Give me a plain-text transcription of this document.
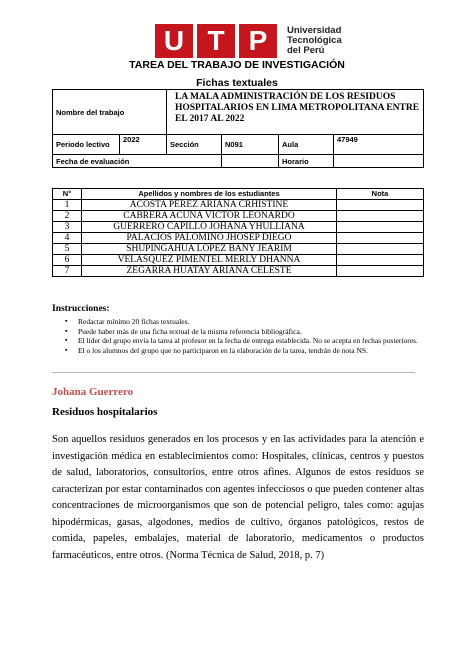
U T P	Universidad
Tecnológica
del Perú
TAREA DEL TRABAJO DE INVESTIGACIÓN
Fichas textuales
Nombre del trabajo		LA MALA ADMINISTRACIÓN DE LOS RESIDUOS HOSPITALARIOS EN LIMA METROPOLITANA ENTRE EL 2017 AL 2022			
Periodo lectivo	2022	Sección	N091	Aula	47949
Fecha de evaluación				Horario	
N°	Apellidos y nombres de los estudiantes	Nota
1	ACOSTA PEREZ ARIANA CRHISTINE	
2	CABRERA ACUÑA VICTOR LEONARDO	
3	GUERRERO CAPILLO JOHANA YHULLIANA	
4	PALACIOS PALOMINO JHOSEP DIEGO	
5	SHUPINGAHUA LOPEZ BANY JEARIM	
6	VELASQUEZ PIMENTEL MERLY DHANNA	
7	ZEGARRA HUATAY ARIANA CELESTE	
Instrucciones:
▪ Redactar mínimo 20 fichas textuales.
▪ Puede haber más de una ficha textual de la misma referencia bibliográfica.
▪ El líder del grupo envía la tarea al profesor en la fecha de entrega establecida. No se acepta en fechas posteriores.
▪ El o los alumnos del grupo que no participaron en la elaboración de la tarea, tendrán de nota NS.
Johana Guerrero
Residuos hospitalarios
Son aquellos residuos generados en los procesos y en las actividades para la atención e investigación médica en establecimientos como: Hospitales, clínicas, centros y puestos de salud, laboratorios, consultorios, entre otros afines. Algunos de estos residuos se caracterizan por estar contaminados con agentes infecciosos o que pueden contener altas concentraciones de microorganismos que son de potencial peligro, tales como: agujas hipodérmicas, gasas, algodones, medios de cultivo, órganos patológicos, restos de comida, papeles, embalajes, material de laboratorio, medicamentos o productos farmacéuticos, entre otros. (Norma Técnica de Salud, 2018, p. 7)
